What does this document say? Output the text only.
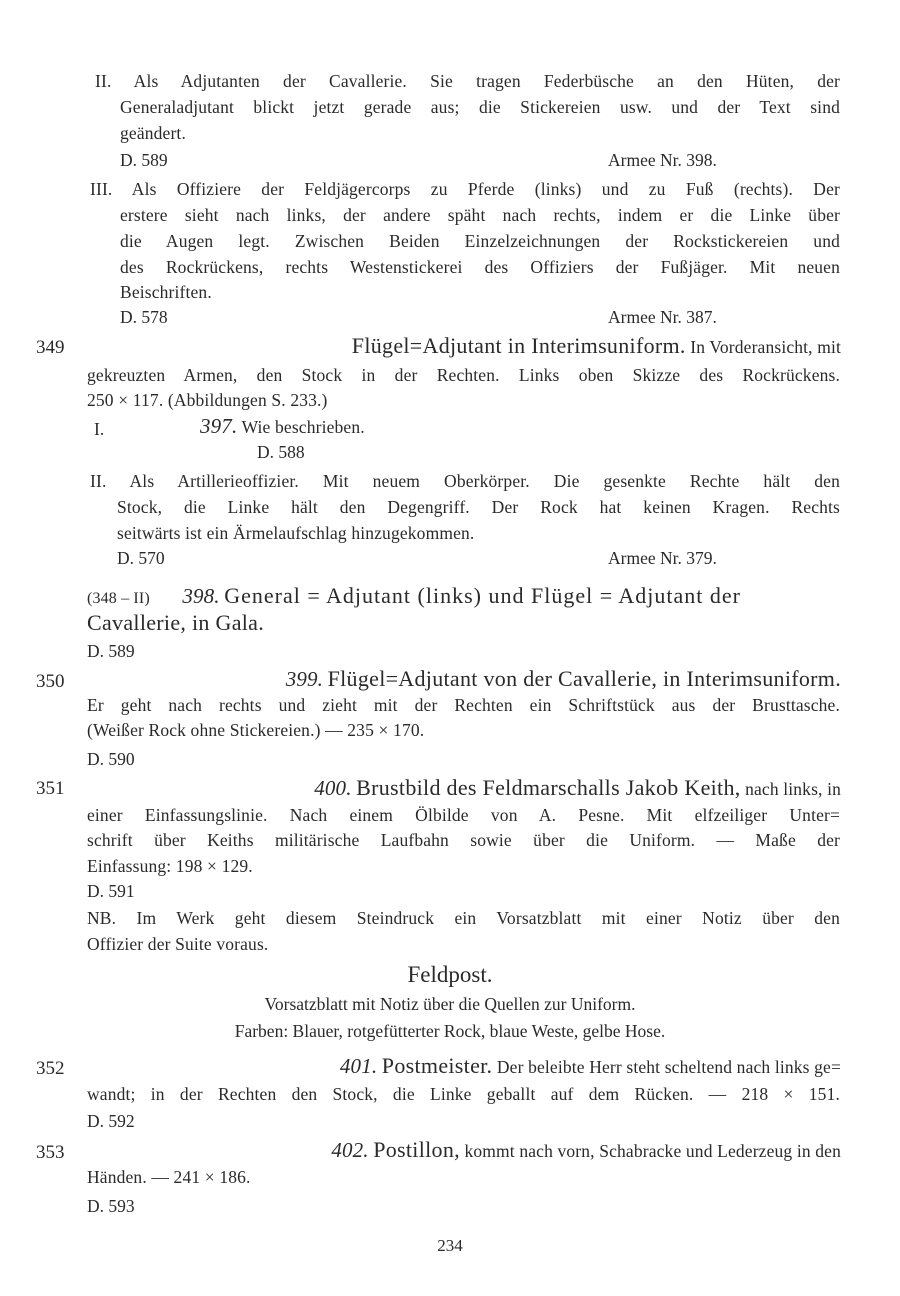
II. Als Adjutanten der Cavallerie. Sie tragen Federbüsche an den Hüten, der
Generaladjutant blickt jetzt gerade aus; die Stickereien usw. und der Text sind
geändert.
D. 589	Armee Nr. 398.
III. Als Offiziere der Feldjägercorps zu Pferde (links) und zu Fuß (rechts). Der
erstere sieht nach links, der andere späht nach rechts, indem er die Linke über
die Augen legt. Zwischen Beiden Einzelzeichnungen der Rockstickereien und
des Rockrückens, rechts Westenstickerei des Offiziers der Fußjäger. Mit neuen
Beischriften.
D. 578	Armee Nr. 387.
349	Flügel=Adjutant in Interimsuniform. In Vorderansicht, mit
gekreuzten Armen, den Stock in der Rechten. Links oben Skizze des Rockrückens.
250 × 117. (Abbildungen S. 233.)
I.	397. Wie beschrieben.
D. 588
II. Als Artillerieoffizier. Mit neuem Oberkörper. Die gesenkte Rechte hält den
Stock, die Linke hält den Degengriff. Der Rock hat keinen Kragen. Rechts
seitwärts ist ein Ärmelaufschlag hinzugekommen.
D. 570	Armee Nr. 379.
(348 – II) 398. General = Adjutant (links) und Flügel = Adjutant der
Cavallerie, in Gala.
D. 589
350	399. Flügel=Adjutant von der Cavallerie, in Interimsuniform.
Er geht nach rechts und zieht mit der Rechten ein Schriftstück aus der Brusttasche.
(Weißer Rock ohne Stickereien.) — 235 × 170.
D. 590
351	400. Brustbild des Feldmarschalls Jakob Keith, nach links, in
einer Einfassungslinie. Nach einem Ölbilde von A. Pesne. Mit elfzeiliger Unter=
schrift über Keiths militärische Laufbahn sowie über die Uniform. — Maße der
Einfassung: 198 × 129.
D. 591
NB. Im Werk geht diesem Steindruck ein Vorsatzblatt mit einer Notiz über den
Offizier der Suite voraus.
Feldpost.
Vorsatzblatt mit Notiz über die Quellen zur Uniform.
Farben: Blauer, rotgefütterter Rock, blaue Weste, gelbe Hose.
352	401. Postmeister. Der beleibte Herr steht scheltend nach links ge=
wandt; in der Rechten den Stock, die Linke geballt auf dem Rücken. — 218 × 151.
D. 592
353	402. Postillon, kommt nach vorn, Schabracke und Lederzeug in den
Händen. — 241 × 186.
D. 593
234
